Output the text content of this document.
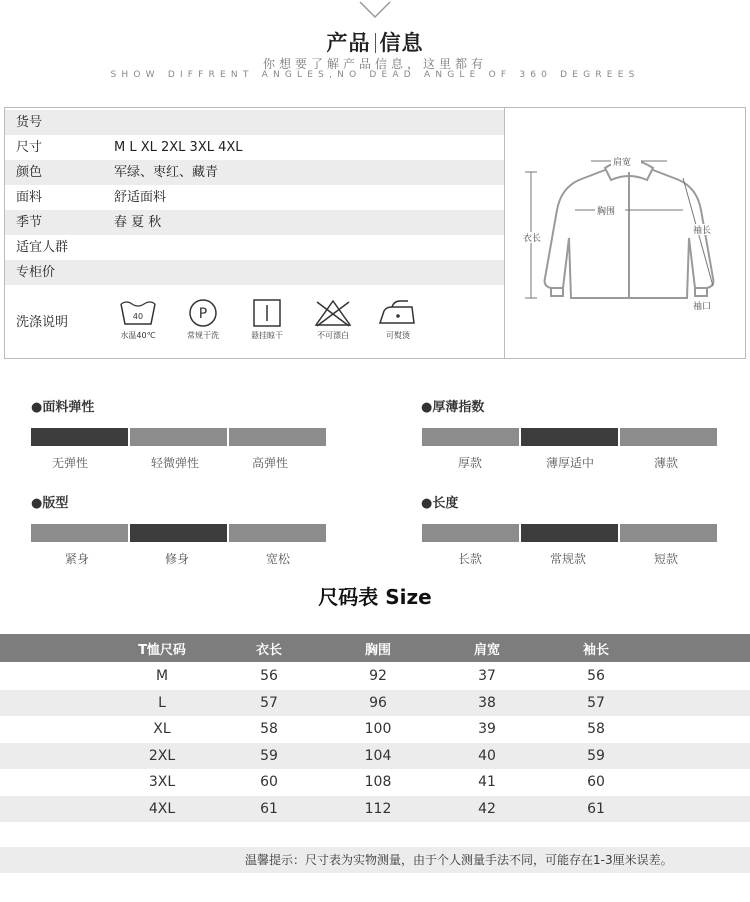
产品 信息
你想要了解产品信息，这里都有
SHOW DIFFRENT ANGLES,NO DEAD ANGLE OF 360 DEGREES
货号
尺寸	M L XL 2XL 3XL 4XL
颜色	军绿、枣红、藏青
面料	舒适面料
季节	春 夏 秋
适宜人群
专柜价
洗涤说明	40
水温40℃
P
常规干洗	悬挂晾干	不可漂白	可熨烫
肩宽
胸围
衣长
袖长
袖口
●面料弹性
无弹性	轻微弹性	高弹性
●厚薄指数
厚款	薄厚适中	薄款
●版型
紧身	修身	宽松
●长度
长款	常规款	短款
尺码表 Size
T恤尺码	衣长	胸围	肩宽	袖长
M	56	92	37	56
L	57	96	38	57
XL	58	100	39	58
2XL	59	104	40	59
3XL	60	108	41	60
4XL	61	112	42	61
温馨提示：尺寸表为实物测量，由于个人测量手法不同，可能存在1-3厘米误差。
